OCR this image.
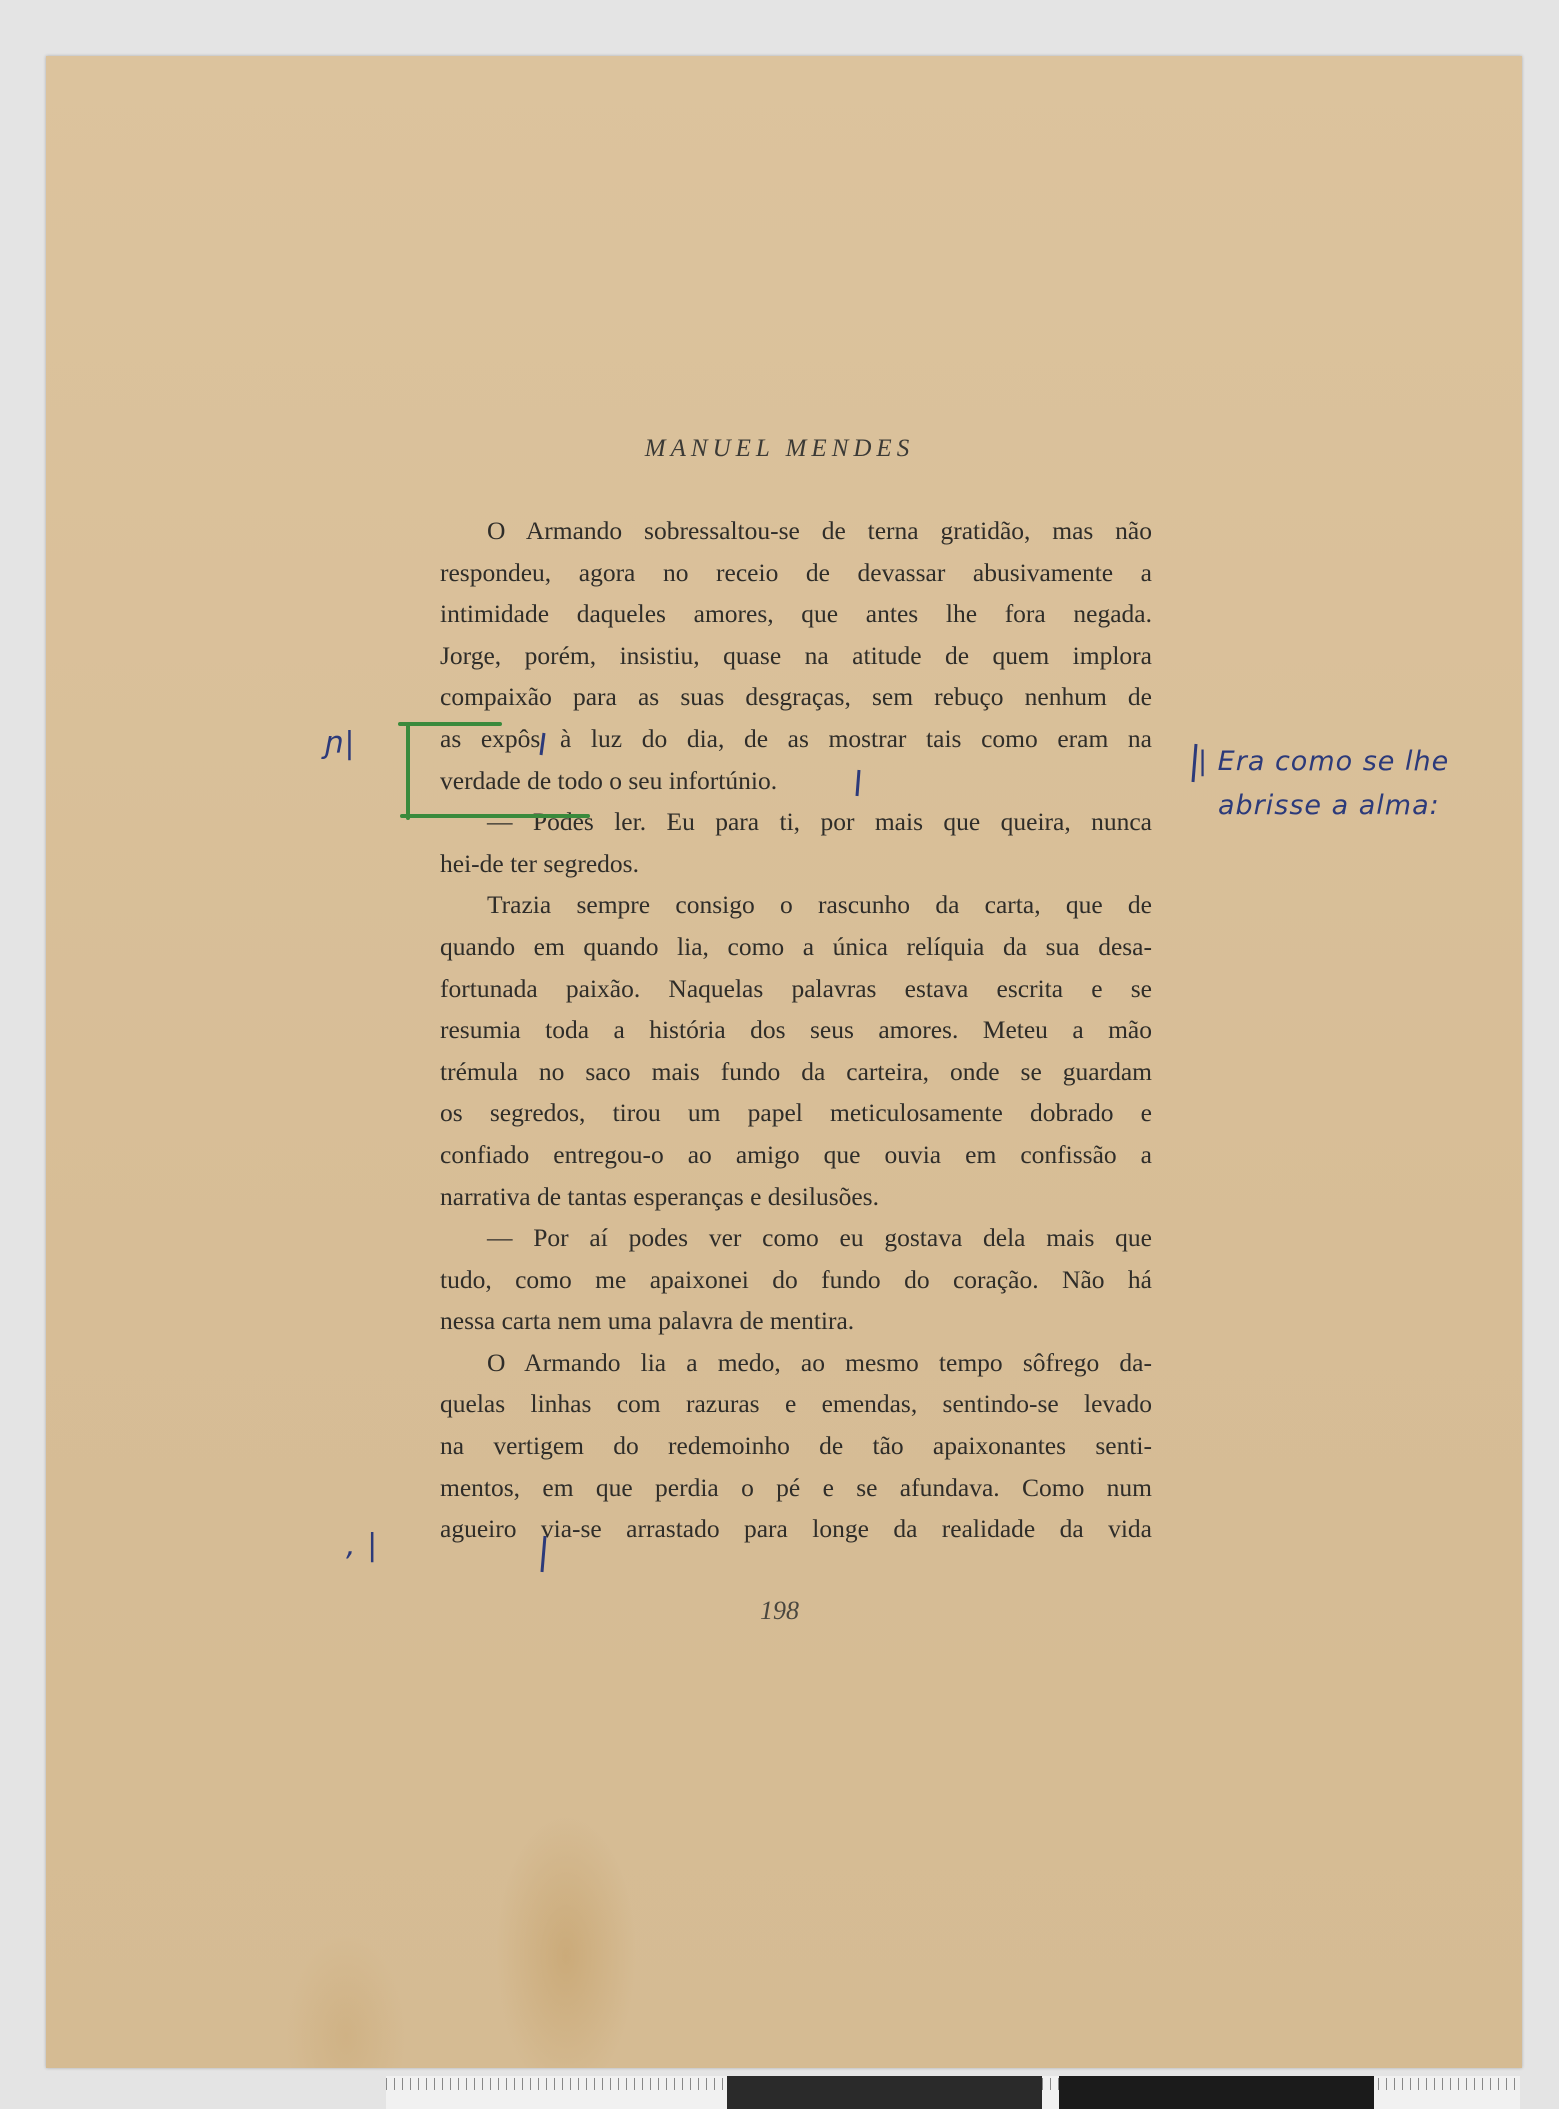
MANUEL MENDES
O Armando sobressaltou-se de terna gratidão, mas não
respondeu, agora no receio de devassar abusivamente a
intimidade daqueles amores, que antes lhe fora negada.
Jorge, porém, insistiu, quase na atitude de quem implora
compaixão para as suas desgraças, sem rebuço nenhum de
as expôs à luz do dia, de as mostrar tais como eram na
verdade de todo o seu infortúnio.
— Podes ler. Eu para ti, por mais que queira, nunca
hei-de ter segredos.
Trazia sempre consigo o rascunho da carta, que de
quando em quando lia, como a única relíquia da sua desa-
fortunada paixão. Naquelas palavras estava escrita e se
resumia toda a história dos seus amores. Meteu a mão
trémula no saco mais fundo da carteira, onde se guardam
os segredos, tirou um papel meticulosamente dobrado e
confiado entregou-o ao amigo que ouvia em confissão a
narrativa de tantas esperanças e desilusões.
— Por aí podes ver como eu gostava dela mais que
tudo, como me apaixonei do fundo do coração. Não há
nessa carta nem uma palavra de mentira.
O Armando lia a medo, ao mesmo tempo sôfrego da-
quelas linhas com razuras e emendas, sentindo-se levado
na vertigem do redemoinho de tão apaixonantes senti-
mentos, em que perdia o pé e se afundava. Como num
agueiro via-se arrastado para longe da realidade da vida
198
ɲ|
, |
| Era como se lhe
abrisse a alma:
